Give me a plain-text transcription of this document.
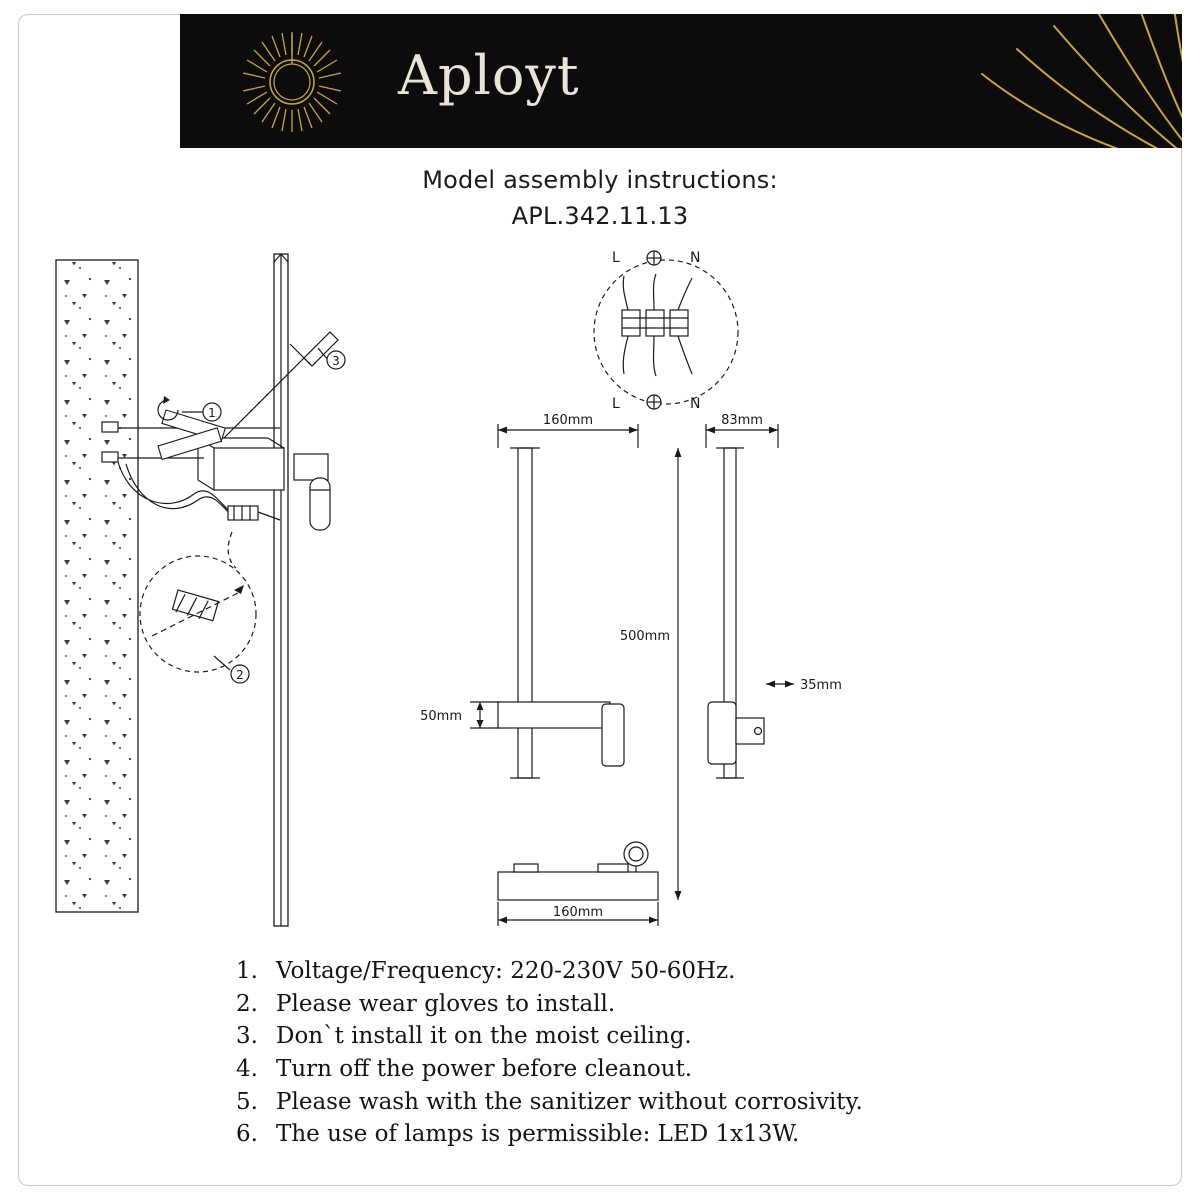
Aployt
Model assembly instructions:
APL.342.11.13
1
3
2
L	N
L	N
160mm
50mm
83mm
35mm
500mm
160mm
1. Voltage/Frequency: 220-230V 50-60Hz.
2. Please wear gloves to install.
3. Don`t install it on the moist ceiling.
4. Turn off the power before cleanout.
5. Please wash with the sanitizer without corrosivity.
6. The use of lamps is permissible: LED 1x13W.
